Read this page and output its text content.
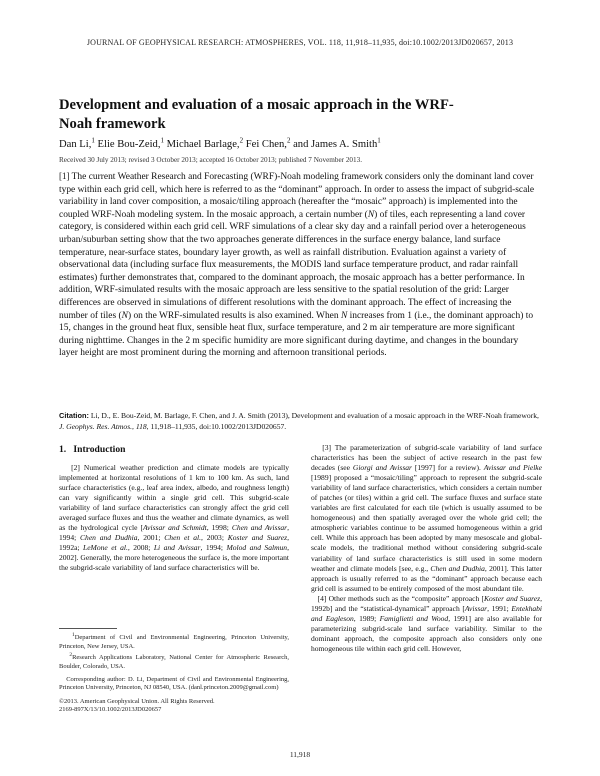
JOURNAL OF GEOPHYSICAL RESEARCH: ATMOSPHERES, VOL. 118, 11,918–11,935, doi:10.1002/2013JD020657, 2013
Development and evaluation of a mosaic approach in the WRF-Noah framework
Dan Li,$^1$ Elie Bou-Zeid,$^1$ Michael Barlage,$^2$ Fei Chen,$^2$ and James A. Smith$^1$
Received 30 July 2013; revised 3 October 2013; accepted 16 October 2013; published 7 November 2013.
[1] The current Weather Research and Forecasting (WRF)-Noah modeling framework considers only the dominant land cover type within each grid cell, which here is referred to as the “dominant” approach. In order to assess the impact of subgrid-scale variability in land cover composition, a mosaic/tiling approach (hereafter the “mosaic” approach) is implemented into the coupled WRF-Noah modeling system. In the mosaic approach, a certain number (N) of tiles, each representing a land cover category, is considered within each grid cell. WRF simulations of a clear sky day and a rainfall period over a heterogeneous urban/suburban setting show that the two approaches generate differences in the surface energy balance, land surface temperature, near-surface states, boundary layer growth, as well as rainfall distribution. Evaluation against a variety of observational data (including surface flux measurements, the MODIS land surface temperature product, and radar rainfall estimates) further demonstrates that, compared to the dominant approach, the mosaic approach has a better performance. In addition, WRF-simulated results with the mosaic approach are less sensitive to the spatial resolution of the grid: Larger differences are observed in simulations of different resolutions with the dominant approach. The effect of increasing the number of tiles (N) on the WRF-simulated results is also examined. When N increases from 1 (i.e., the dominant approach) to 15, changes in the ground heat flux, sensible heat flux, surface temperature, and 2 m air temperature are more significant during nighttime. Changes in the 2 m specific humidity are more significant during daytime, and changes in the boundary layer height are most prominent during the morning and afternoon transitional periods.
Citation: Li, D., E. Bou-Zeid, M. Barlage, F. Chen, and J. A. Smith (2013), Development and evaluation of a mosaic approach in the WRF-Noah framework, J. Geophys. Res. Atmos., 118, 11,918–11,935, doi:10.1002/2013JD020657.
1. Introduction

[2] Numerical weather prediction and climate models are typically implemented at horizontal resolutions of 1 km to 100 km. As such, land surface characteristics (e.g., leaf area index, albedo, and roughness length) can vary significantly within a single grid cell. This subgrid-scale variability of land surface characteristics can strongly affect the grid cell averaged surface fluxes and thus the weather and climate dynamics, as well as the hydrological cycle [Avissar and Schmidt, 1998; Chen and Avissar, 1994; Chen and Dudhia, 2001; Chen et al., 2003; Koster and Suarez, 1992a; LeMone et al., 2008; Li and Avissar, 1994; Molod and Salmun, 2002]. Generally, the more heterogeneous the surface is, the more important the subgrid-scale variability of land surface characteristics will be.

$^1$Department of Civil and Environmental Engineering, Princeton University, Princeton, New Jersey, USA.

$^2$Research Applications Laboratory, National Center for Atmospheric Research, Boulder, Colorado, USA.

Corresponding author: D. Li, Department of Civil and Environmental Engineering, Princeton University, Princeton, NJ 08540, USA. (danl.princeton.2009@gmail.com)

©2013. American Geophysical Union. All Rights Reserved.

2169-897X/13/10.1002/2013JD020657

[3] The parameterization of subgrid-scale variability of land surface characteristics has been the subject of active research in the past few decades (see Giorgi and Avissar [1997] for a review). Avissar and Pielke [1989] proposed a “mosaic/tiling” approach to represent the subgrid-scale variability of land surface characteristics, which considers a certain number of patches (or tiles) within a grid cell. The surface fluxes and surface state variables are first calculated for each tile (which is usually assumed to be homogeneous) and then spatially averaged over the whole grid cell; the atmospheric variables continue to be assumed homogeneous within a grid cell. While this approach has been adopted by many mesoscale and global-scale models, the traditional method without considering subgrid-scale variability of land surface characteristics is still used in some modern weather and climate models [see, e.g., Chen and Dudhia, 2001]. This latter approach is usually referred to as the “dominant” approach because each grid cell is assumed to be entirely composed of the most abundant tile.

[4] Other methods such as the “composite” approach [Koster and Suarez, 1992b] and the “statistical-dynamical” approach [Avissar, 1991; Entekhabi and Eagleson, 1989; Famiglietti and Wood, 1991] are also available for parameterizing subgrid-scale land surface variability. Similar to the dominant approach, the composite approach also considers only one homogeneous tile within each grid cell. However,

11,918
